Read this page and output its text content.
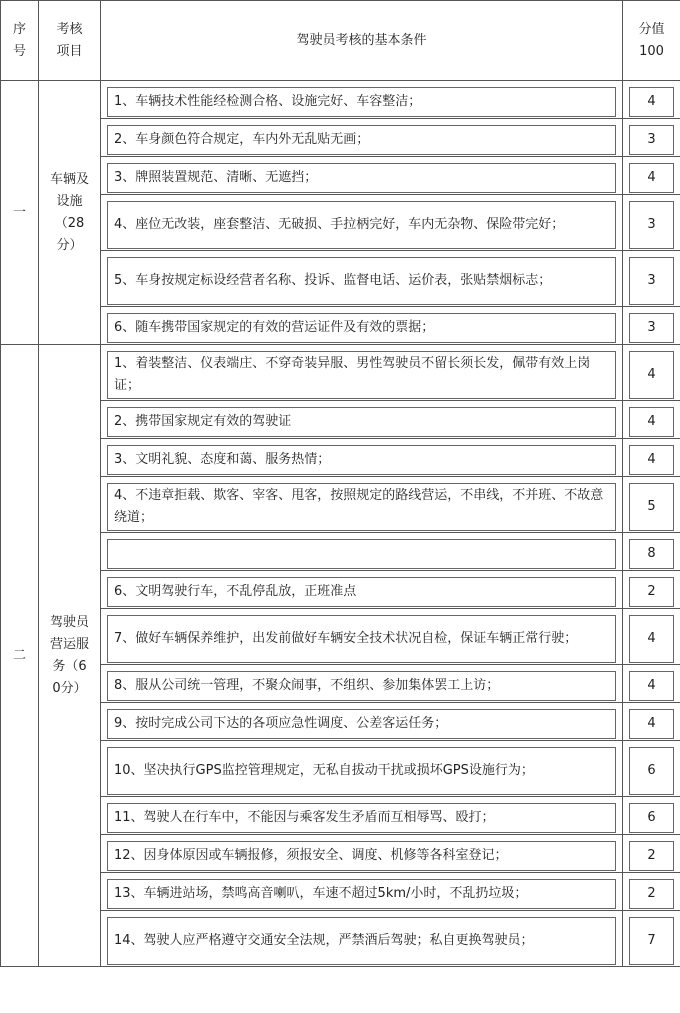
序号	考核项目	驾驶员考核的基本条件	分值
100

一	车辆及设施（28分）	1、车辆技术性能经检测合格、设施完好、车容整洁；	4

		2、车身颜色符合规定，车内外无乱贴无画；	3

		3、牌照装置规范、清晰、无遮挡；	4

		4、座位无改装，座套整洁、无破损、手拉柄完好，车内无杂物、保险带完好；	3

		5、车身按规定标设经营者名称、投诉、监督电话、运价表，张贴禁烟标志；	3

		6、随车携带国家规定的有效的营运证件及有效的票据；	3

二	驾驶员营运服务（60分）	1、着装整洁、仪表端庄、不穿奇装异服、男性驾驶员不留长须长发，佩带有效上岗证；	4

		2、携带国家规定有效的驾驶证	4

		3、文明礼貌、态度和蔼、服务热情；	4

		4、不违章拒载、欺客、宰客、甩客，按照规定的路线营运，不串线，不并班、不故意绕道；	5

			8

		6、文明驾驶行车，不乱停乱放，正班准点	2

		7、做好车辆保养维护，出发前做好车辆安全技术状况自检，保证车辆正常行驶；	4

		8、服从公司统一管理，不聚众闹事，不组织、参加集体罢工上访；	4

		9、按时完成公司下达的各项应急性调度、公差客运任务；	4

		10、坚决执行GPS监控管理规定，无私自拔动干扰或损坏GPS设施行为；	6

		11、驾驶人在行车中，不能因与乘客发生矛盾而互相辱骂、殴打；	6

		12、因身体原因或车辆报修，须报安全、调度、机修等各科室登记；	2

		13、车辆进站场，禁鸣高音喇叭，车速不超过5km/小时，不乱扔垃圾；	2

		14、驾驶人应严格遵守交通安全法规，严禁酒后驾驶；私自更换驾驶员；	7
